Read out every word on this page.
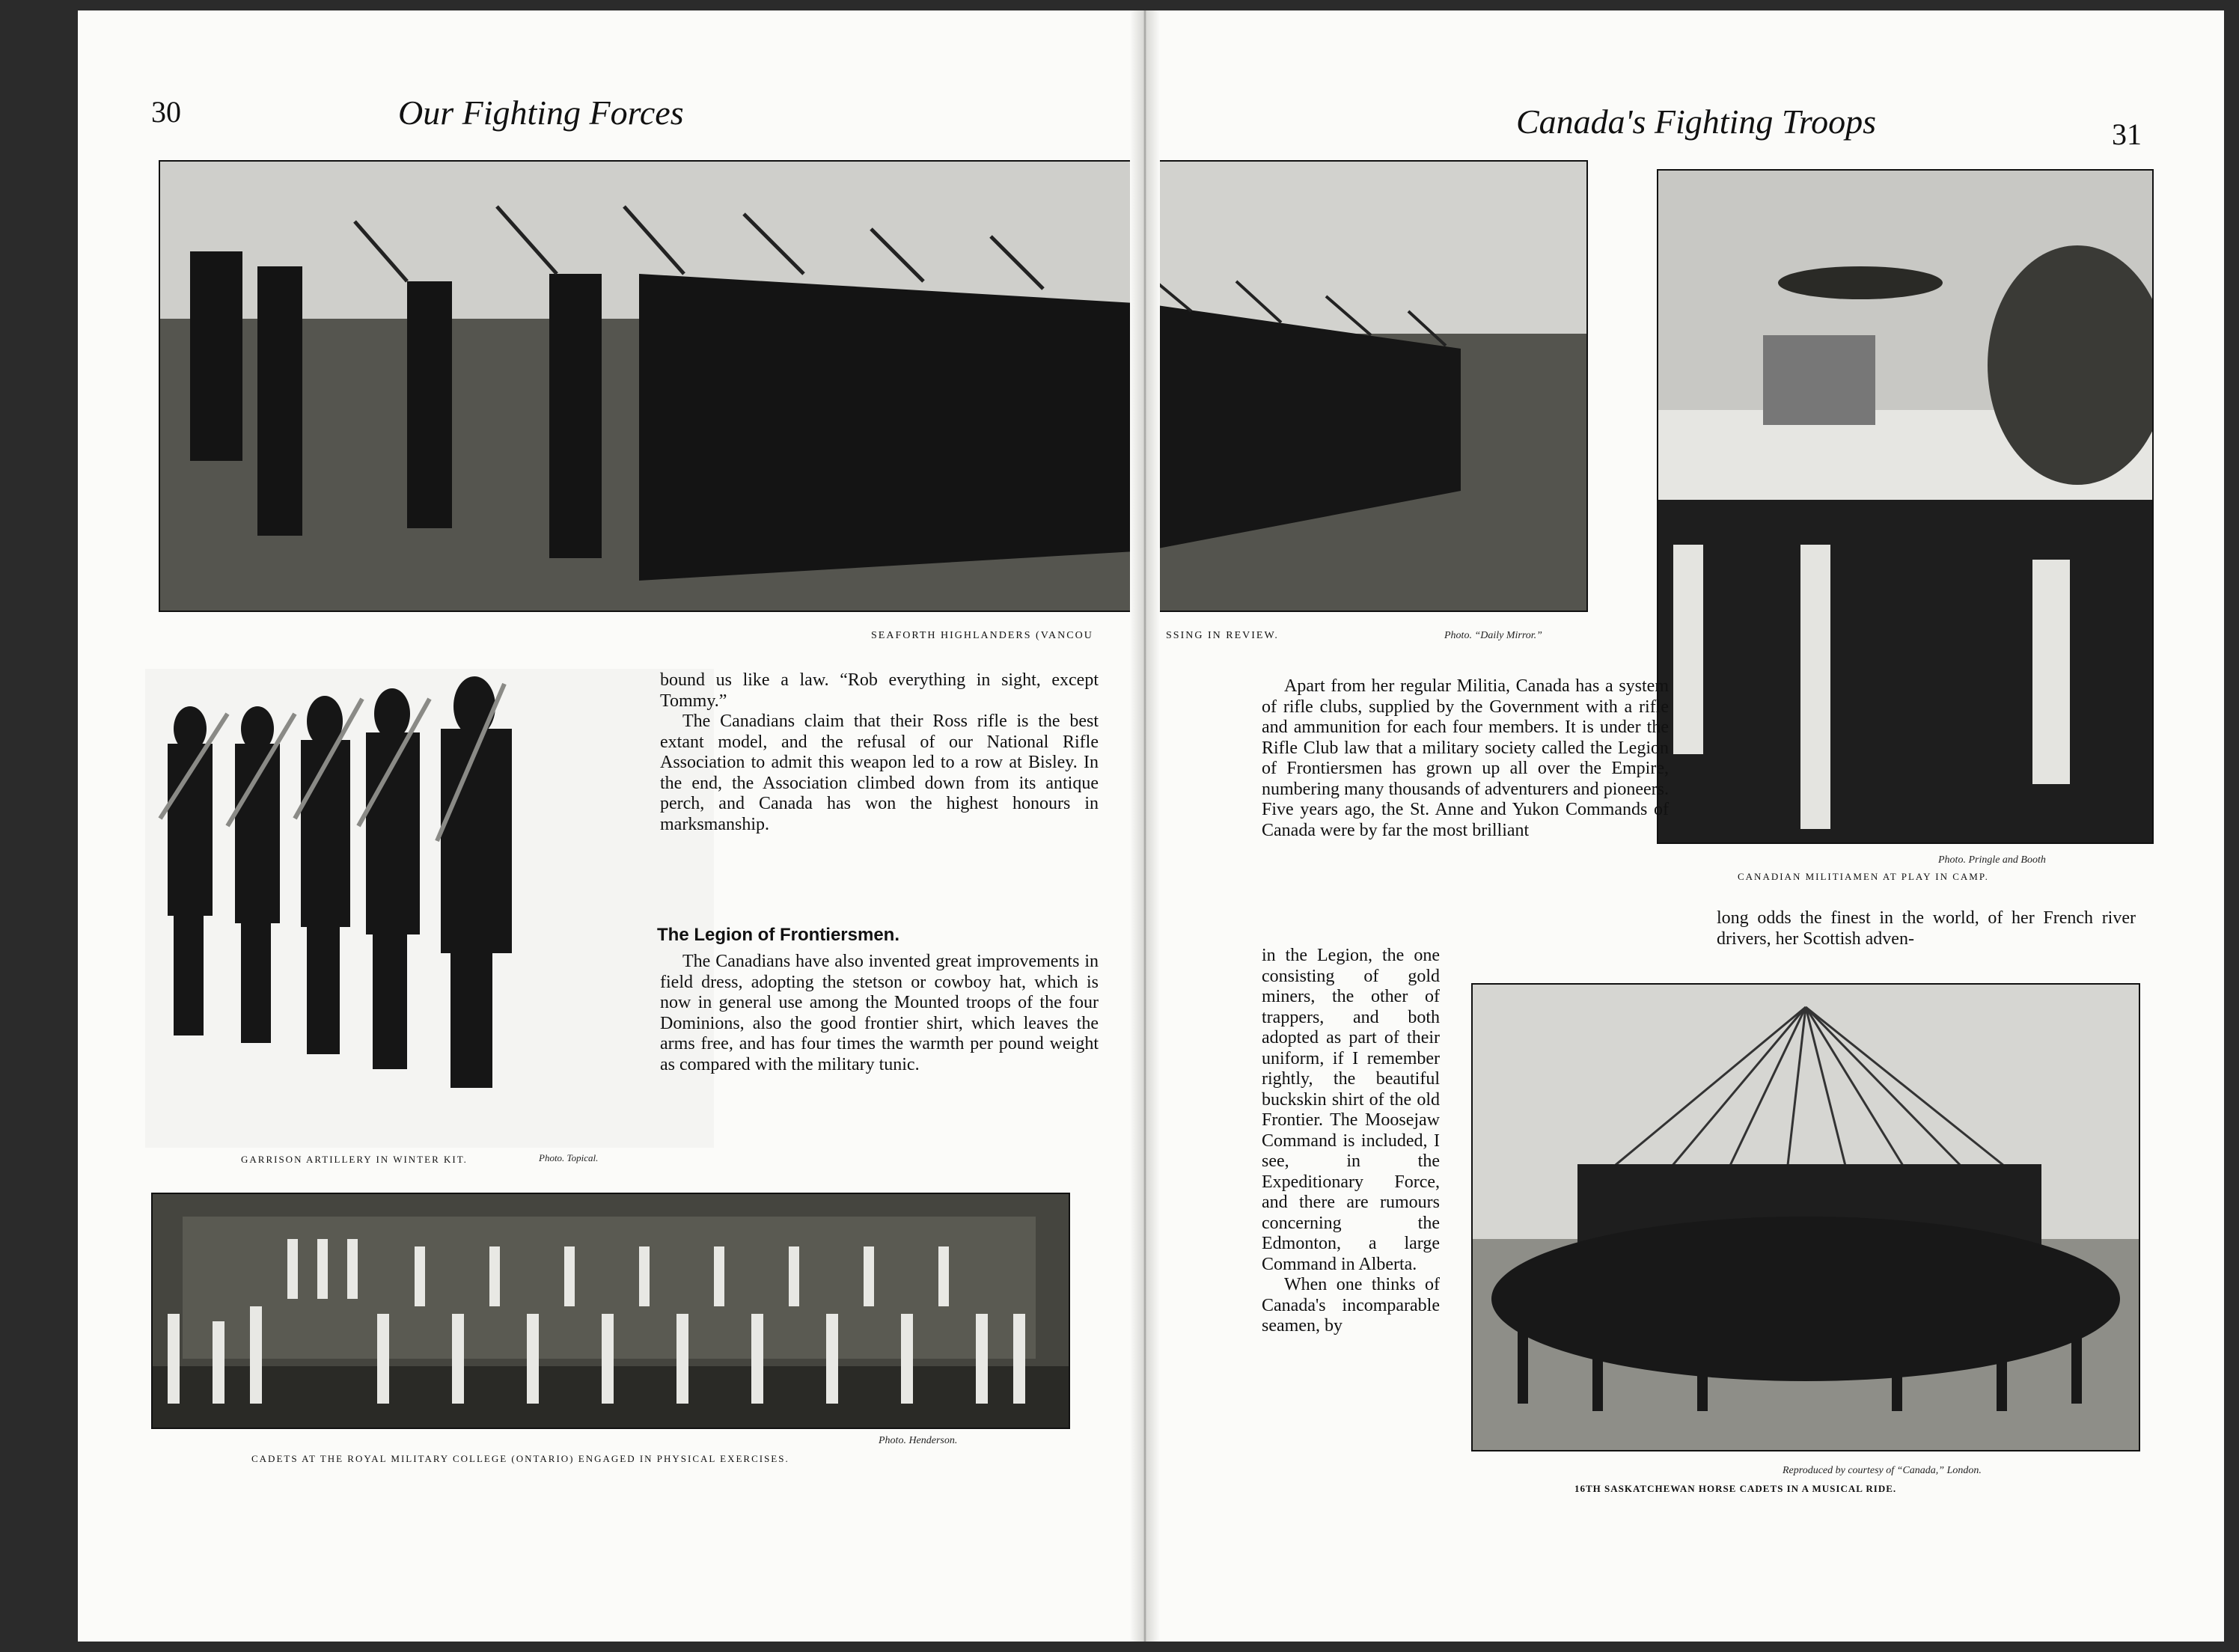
30	Our Fighting Forces
SEAFORTH HIGHLANDERS (VANCOU
GARRISON ARTILLERY IN WINTER KIT.	Photo. Topical.

bound us like a law. “Rob everything in sight, except Tommy.”

The Canadians claim that their Ross rifle is the best extant model, and the refusal of our National Rifle Association to admit this weapon led to a row at Bisley. In the end, the Association climbed down from its antique perch, and Canada has won the highest honours in marksmanship.

The Legion of Frontiersmen.

The Canadians have also invented great improvements in field dress, adopting the stetson or cowboy hat, which is now in general use among the Mounted troops of the four Dominions, also the good frontier shirt, which leaves the arms free, and has four times the warmth per pound weight as compared with the military tunic.

Photo. Henderson.
CADETS AT THE ROYAL MILITARY COLLEGE (ONTARIO) ENGAGED IN PHYSICAL EXERCISES.
Canada's Fighting Troops	31
SSING IN REVIEW.	Photo. “Daily Mirror.”
Photo. Pringle and Booth
CANADIAN MILITIAMEN AT PLAY IN CAMP.

Apart from her regular Militia, Canada has a system of rifle clubs, supplied by the Government with a rifle and ammunition for each four members. It is under the Rifle Club law that a military society called the Legion of Frontiersmen has grown up all over the Empire, numbering many thousands of adventurers and pioneers. Five years ago, the St. Anne and Yukon Commands of Canada were by far the most brilliant

in the Legion, the one consisting of gold miners, the other of trappers, and both adopted as part of their uniform, if I remember rightly, the beautiful buckskin shirt of the old Frontier. The Moosejaw Command is included, I see, in the Expeditionary Force, and there are rumours concerning the Edmonton, a large Command in Alberta.

When one thinks of Canada's incomparable seamen, by

long odds the finest in the world, of her French river drivers, her Scottish adven-

Reproduced by courtesy of “Canada,” London.
16TH SASKATCHEWAN HORSE CADETS IN A MUSICAL RIDE.
